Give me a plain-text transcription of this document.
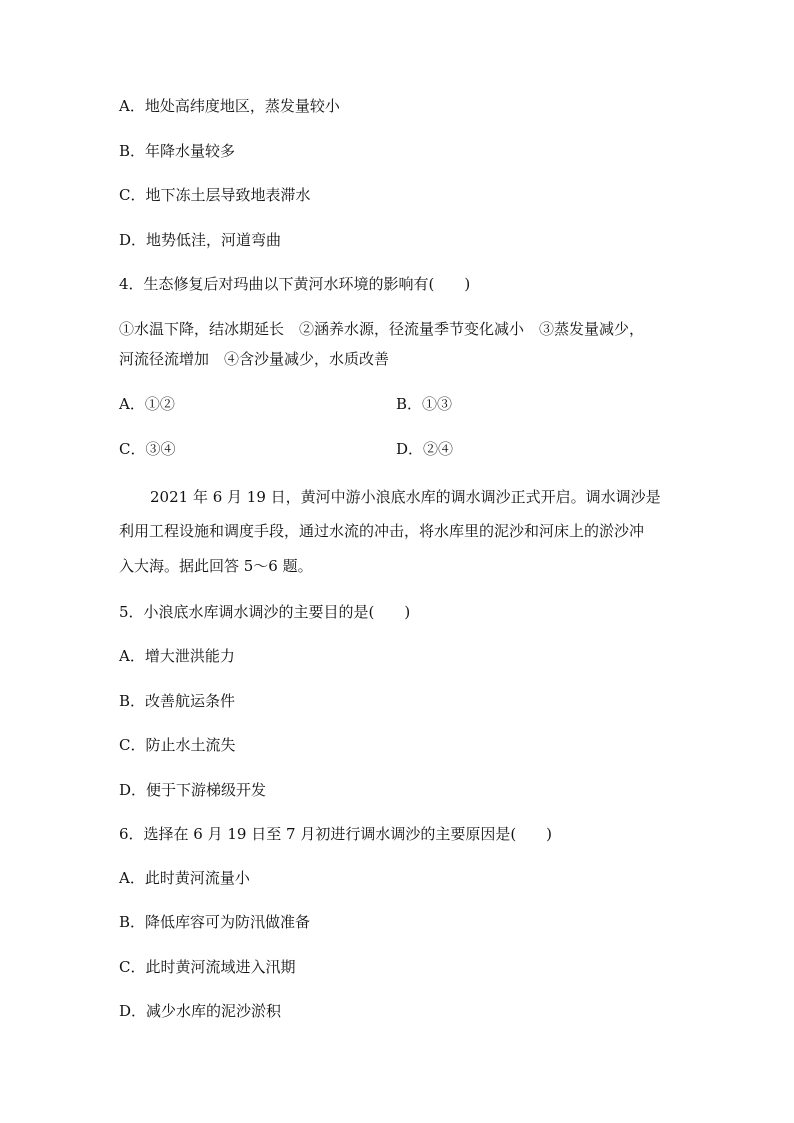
A．地处高纬度地区，蒸发量较小
B．年降水量较多
C．地下冻土层导致地表滞水
D．地势低洼，河道弯曲
4．生态修复后对玛曲以下黄河水环境的影响有(　　)
①水温下降，结冰期延长　②涵养水源，径流量季节变化减小　③蒸发量减少，
河流径流增加　④含沙量减少，水质改善
A．①②	B．①③
C．③④	D．②④
2021 年 6 月 19 日，黄河中游小浪底水库的调水调沙正式开启。调水调沙是
利用工程设施和调度手段，通过水流的冲击，将水库里的泥沙和河床上的淤沙冲
入大海。据此回答 5～6 题。
5．小浪底水库调水调沙的主要目的是(　　)
A．增大泄洪能力
B．改善航运条件
C．防止水土流失
D．便于下游梯级开发
6．选择在 6 月 19 日至 7 月初进行调水调沙的主要原因是(　　)
A．此时黄河流量小
B．降低库容可为防汛做准备
C．此时黄河流域进入汛期
D．减少水库的泥沙淤积
